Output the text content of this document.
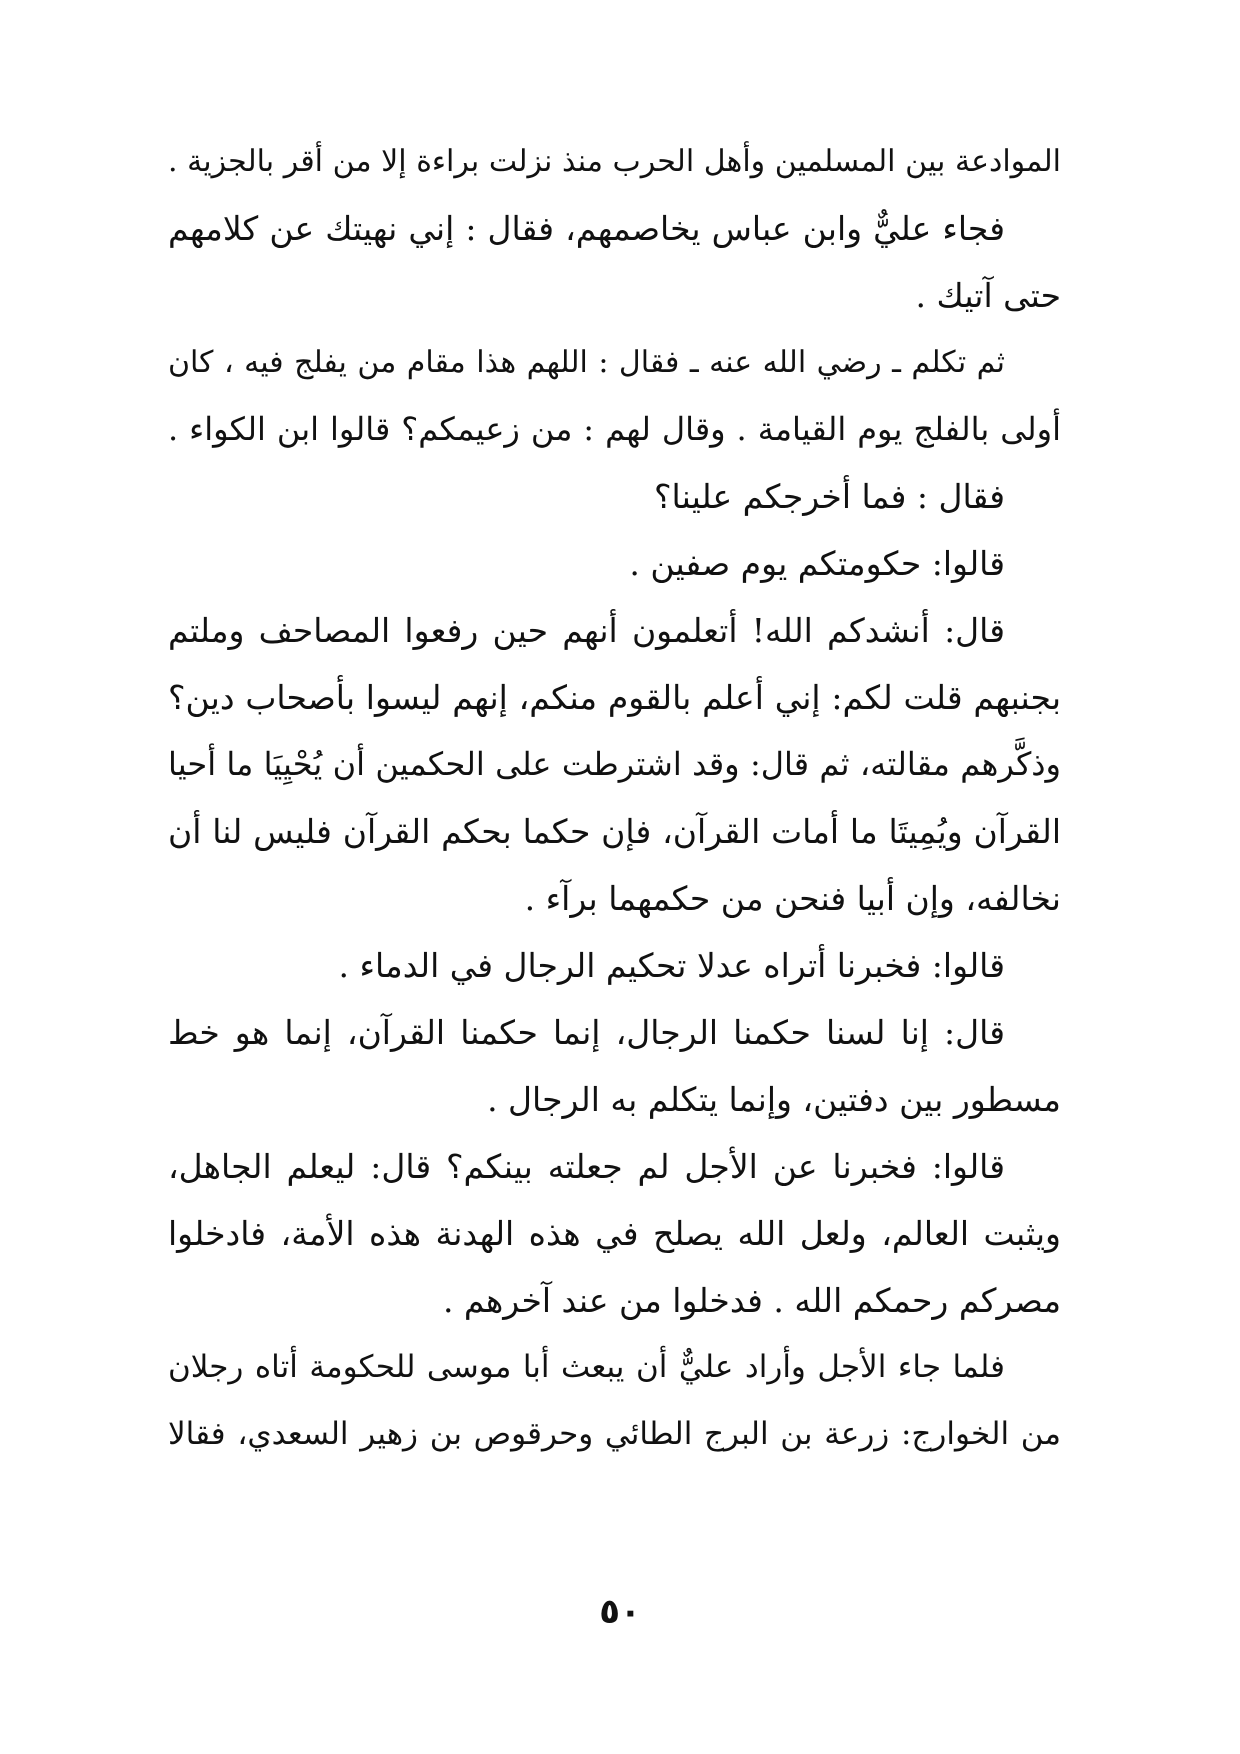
الموادعة بين المسلمين وأهل الحرب منذ نزلت براءة إلا من أقر بالجزية .
فجاء عليٌّ وابن عباس يخاصمهم، فقال : إني نهيتك عن كلامهم
حتى آتيك .
ثم تكلم ـ رضي الله عنه ـ فقال : اللهم هذا مقام من يفلج فيه ، كان
أولى بالفلج يوم القيامة . وقال لهم : من زعيمكم؟ قالوا ابن الكواء .
فقال : فما أخرجكم علينا؟
قالوا: حكومتكم يوم صفين .
قال: أنشدكم الله! أتعلمون أنهم حين رفعوا المصاحف وملتم
بجنبهم قلت لكم: إني أعلم بالقوم منكم، إنهم ليسوا بأصحاب دين؟
وذكَّرهم مقالته، ثم قال: وقد اشترطت على الحكمين أن يُحْيِيَا ما أحيا
القرآن ويُمِيتَا ما أمات القرآن، فإن حكما بحكم القرآن فليس لنا أن
نخالفه، وإن أبيا فنحن من حكمهما برآء .
قالوا: فخبرنا أتراه عدلا تحكيم الرجال في الدماء .
قال: إنا لسنا حكمنا الرجال، إنما حكمنا القرآن، إنما هو خط
مسطور بين دفتين، وإنما يتكلم به الرجال .
قالوا: فخبرنا عن الأجل لم جعلته بينكم؟ قال: ليعلم الجاهل،
ويثبت العالم، ولعل الله يصلح في هذه الهدنة هذه الأمة، فادخلوا
مصركم رحمكم الله . فدخلوا من عند آخرهم .
فلما جاء الأجل وأراد عليٌّ أن يبعث أبا موسى للحكومة أتاه رجلان
من الخوارج: زرعة بن البرج الطائي وحرقوص بن زهير السعدي، فقالا
٥٠
